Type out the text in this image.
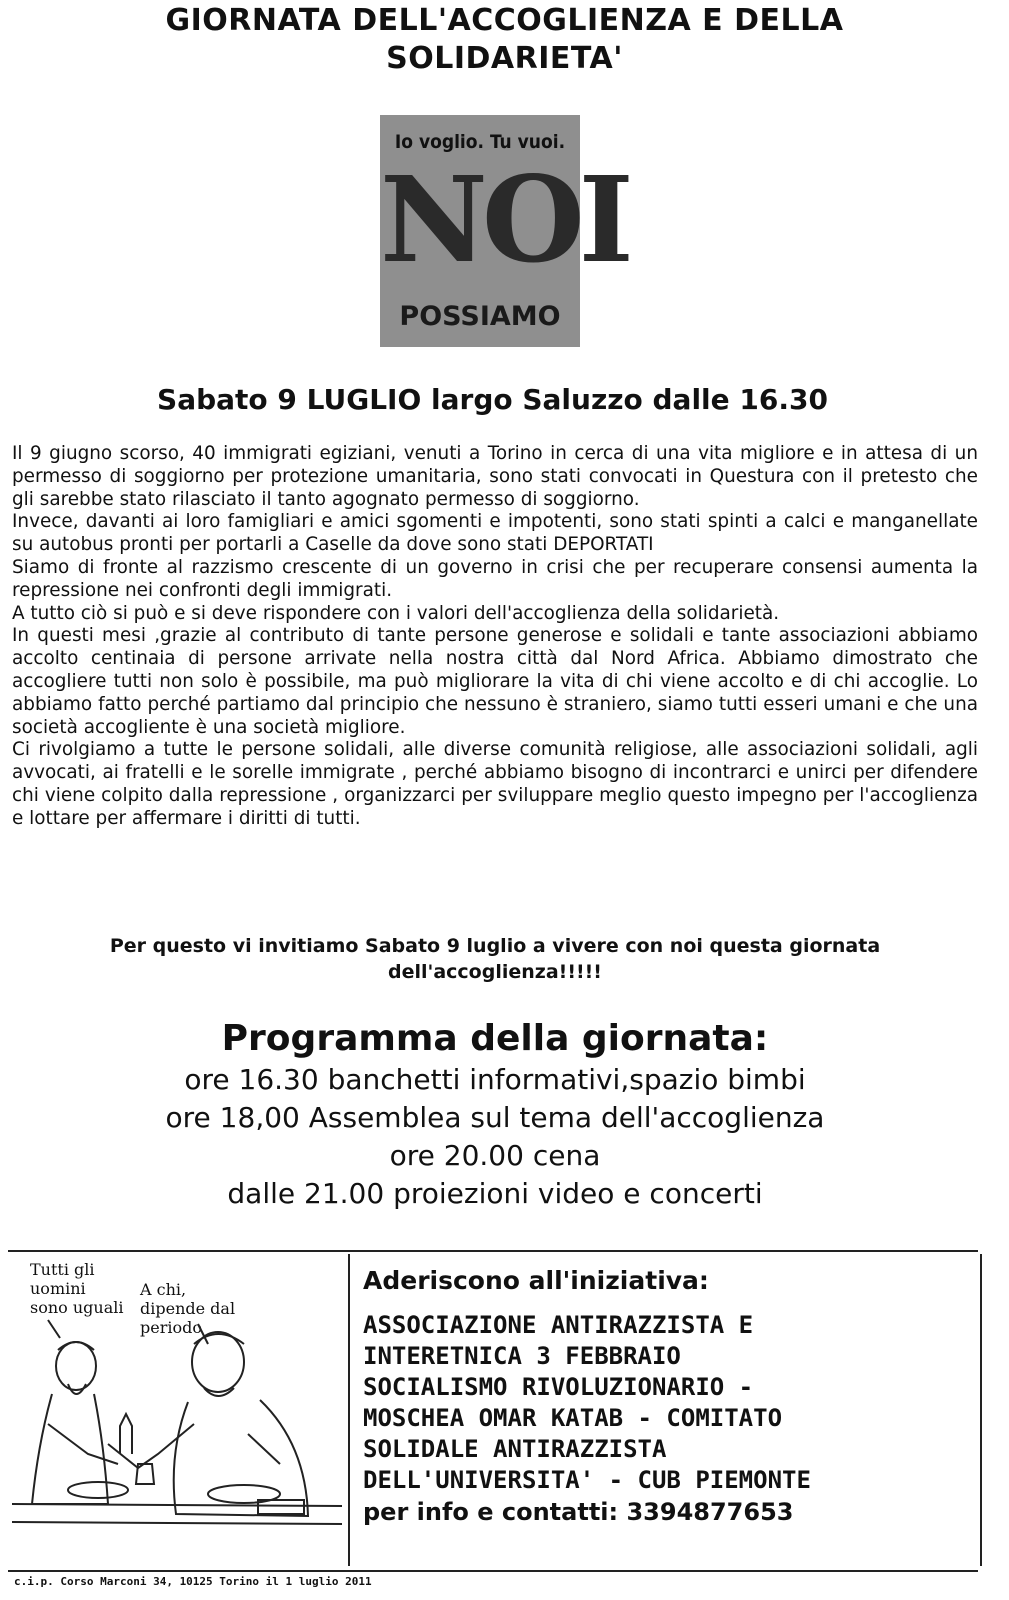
GIORNATA DELL'ACCOGLIENZA E DELLA
SOLIDARIETA'
Io voglio. Tu vuoi.
NOI
POSSIAMO
Sabato 9 LUGLIO largo Saluzzo dalle 16.30

Il 9 giugno scorso, 40 immigrati egiziani, venuti a Torino in cerca di una vita migliore e in attesa di un permesso di soggiorno per protezione umanitaria, sono stati convocati in Questura con il pretesto che gli sarebbe stato rilasciato il tanto agognato permesso di soggiorno.

Invece, davanti ai loro famigliari e amici sgomenti e impotenti, sono stati spinti a calci e manganellate su autobus pronti per portarli a Caselle da dove sono stati DEPORTATI

Siamo di fronte al razzismo crescente di un governo in crisi che per recuperare consensi aumenta la repressione nei confronti degli immigrati.

A tutto ciò si può e si deve rispondere con i valori dell'accoglienza della solidarietà.

In questi mesi ,grazie al contributo di tante persone generose e solidali e tante associazioni abbiamo accolto centinaia di persone arrivate nella nostra città dal Nord Africa. Abbiamo dimostrato che accogliere tutti non solo è possibile, ma può migliorare la vita di chi viene accolto e di chi accoglie. Lo abbiamo fatto perché partiamo dal principio che nessuno è straniero, siamo tutti esseri umani e che una società accogliente è una società migliore.

Ci rivolgiamo a tutte le persone solidali, alle diverse comunità religiose, alle associazioni solidali, agli avvocati, ai fratelli e le sorelle immigrate , perché abbiamo bisogno di incontrarci e unirci per difendere chi viene colpito dalla repressione , organizzarci per sviluppare meglio questo impegno per l'accoglienza e lottare per affermare i diritti di tutti.

Per questo vi invitiamo Sabato 9 luglio a vivere con noi questa giornata
dell'accoglienza!!!!!
Programma della giornata:
ore 16.30 banchetti informativi,spazio bimbi
ore 18,00 Assemblea sul tema dell'accoglienza
ore 20.00 cena
dalle 21.00 proiezioni video e concerti
Tutti gli
uomini
sono uguali
A chi,
dipende dal
periodo
Aderiscono all'iniziativa:
ASSOCIAZIONE ANTIRAZZISTA E
INTERETNICA 3 FEBBRAIO
SOCIALISMO RIVOLUZIONARIO -
MOSCHEA OMAR KATAB - COMITATO
SOLIDALE ANTIRAZZISTA
DELL'UNIVERSITA' - CUB PIEMONTE
per info e contatti: 3394877653
c.i.p. Corso Marconi 34, 10125 Torino il 1 luglio 2011
